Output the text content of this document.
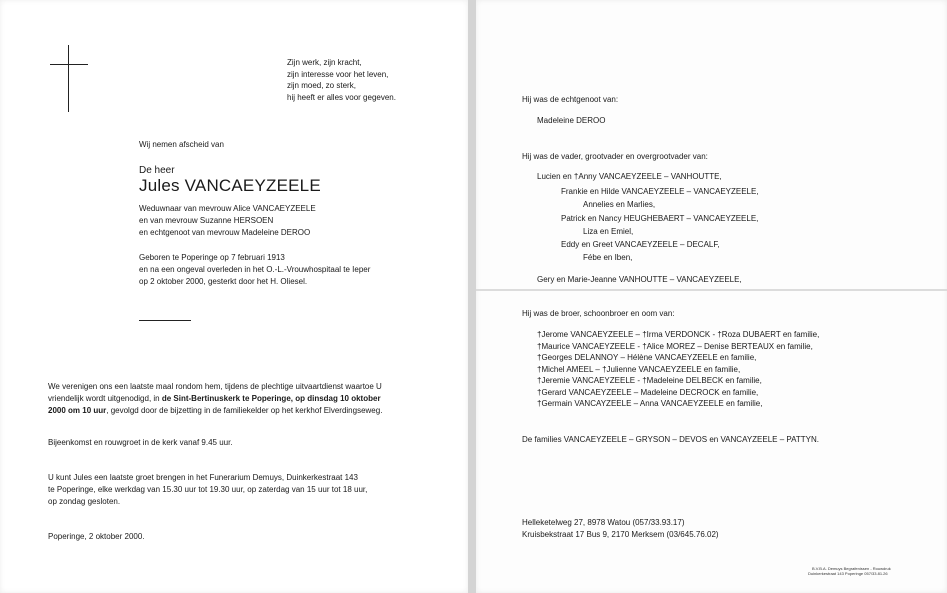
Zijn werk, zijn kracht,
zijn interesse voor het leven,
zijn moed, zo sterk,
hij heeft er alles voor gegeven.
Wij nemen afscheid van
De heer
Jules VANCAEYZEELE
Weduwnaar van mevrouw Alice VANCAEYZEELE
en van mevrouw Suzanne HERSOEN
en echtgenoot van mevrouw Madeleine DEROO
Geboren te Poperinge op 7 februari 1913
en na een ongeval overleden in het O.-L.-Vrouwhospitaal te Ieper
op 2 oktober 2000, gesterkt door het H. Oliesel.
We verenigen ons een laatste maal rondom hem, tijdens de plechtige uitvaartdienst waartoe U
vriendelijk wordt uitgenodigd, in de Sint-Bertinuskerk te Poperinge, op dinsdag 10 oktober
2000 om 10 uur, gevolgd door de bijzetting in de familiekelder op het kerkhof Elverdingseweg.
Bijeenkomst en rouwgroet in de kerk vanaf 9.45 uur.
U kunt Jules een laatste groet brengen in het Funerarium Demuys, Duinkerkestraat 143
te Poperinge, elke werkdag van 15.30 uur tot 19.30 uur, op zaterdag van 15 uur tot 18 uur,
op zondag gesloten.
Poperinge, 2 oktober 2000.
Hij was de echtgenoot van:
Madeleine DEROO
Hij was de vader, grootvader en overgrootvader van:
Lucien en †Anny VANCAEYZEELE – VANHOUTTE,
Frankie en Hilde VANCAEYZEELE – VANCAEYZEELE,
Annelies en Marlies,
Patrick en Nancy HEUGHEBAERT – VANCAEYZEELE,
Liza en Emiel,
Eddy en Greet VANCAEYZEELE – DECALF,
Fébe en Iben,
Gery en Marie-Jeanne VANHOUTTE – VANCAEYZEELE,
Hij was de broer, schoonbroer en oom van:
†Jerome VANCAEYZEELE – †Irma VERDONCK - †Roza DUBAERT en familie,
†Maurice VANCAEYZEELE - †Alice MOREZ – Denise BERTEAUX en familie,
†Georges DELANNOY – Hélène VANCAEYZEELE en familie,
†Michel AMEEL – †Julienne VANCAEYZEELE en familie,
†Jeremie VANCAEYZEELE - †Madeleine DELBECK en familie,
†Gerard VANCAEYZEELE – Madeleine DECROCK en familie,
†Germain VANCAYZEELE – Anna VANCAEYZEELE en familie,
De families VANCAEYZEELE – GRYSON – DEVOS en VANCAYZEELE – PATTYN.
Helleketelweg 27, 8978 Watou (057/33.93.17)
Kruisbekstraat 17 Bus 9, 2170 Merksem (03/645.76.02)
B.V.B.A. Demuys Begrafenissen - Rouwdruk
Duinkerkestraat 143 Poperinge 057/33.81.26
